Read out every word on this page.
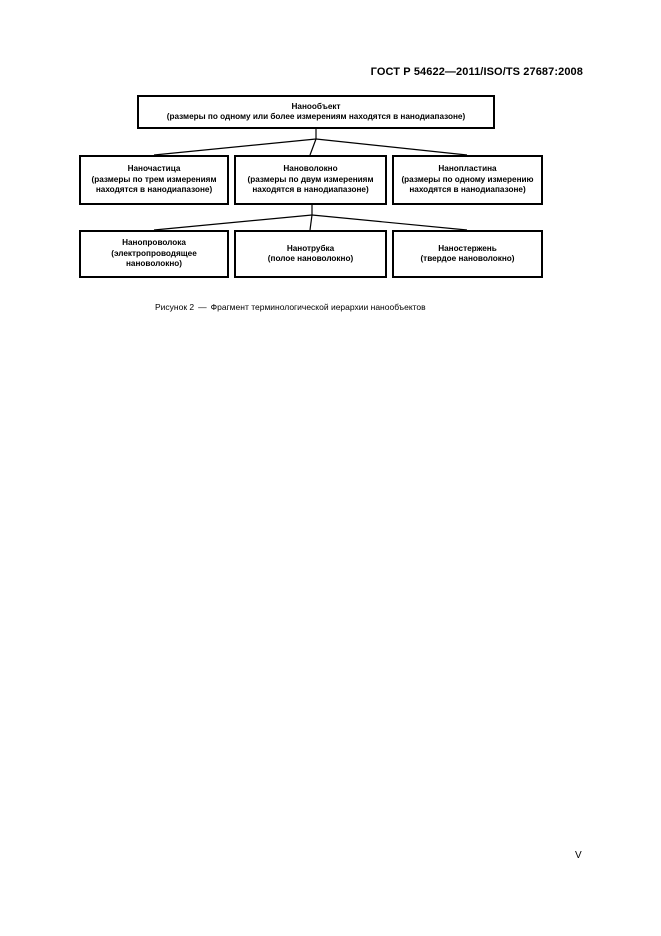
ГОСТ Р 54622—2011/ISO/TS 27687:2008
Нанообъект
(размеры по одному или более измерениям находятся в нанодиапазоне)
Наночастица
(размеры по трем измерениям
находятся в нанодиапазоне)
Нановолокно
(размеры по двум измерениям
находятся в нанодиапазоне)
Нанопластина
(размеры по одному измерению
находятся в нанодиапазоне)
Нанопроволока
(электропроводящее
нановолокно)
Нанотрубка
(полое нановолокно)
Наностержень
(твердое нановолокно)
Рисунок 2 — Фрагмент терминологической иерархии нанообъектов
V
